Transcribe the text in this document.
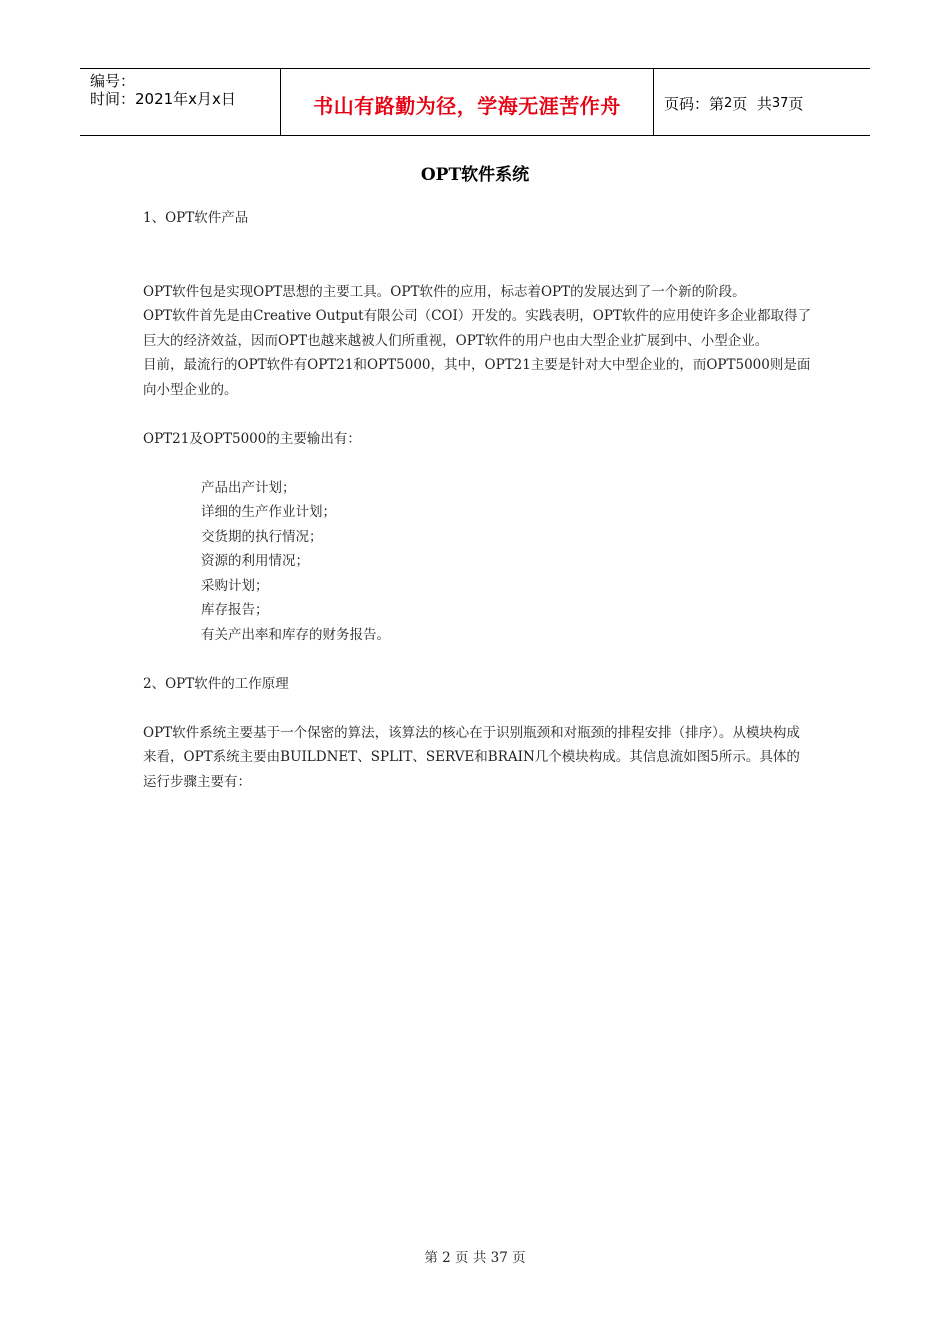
编号：
时间：2021年x月x日	书山有路勤为径，学海无涯苦作舟	页码：第 2 页  共 37 页
OPT软件系统

1、OPT软件产品

OPT软件包是实现OPT思想的主要工具。OPT软件的应用，标志着OPT的发展达到了一个新的阶段。

OPT软件首先是由Creative Output有限公司（COI）开发的。实践表明，OPT软件的应用使许多企业都取得了巨大的经济效益，因而OPT也越来越被人们所重视，OPT软件的用户也由大型企业扩展到中、小型企业。

目前，最流行的OPT软件有OPT21和OPT5000，其中，OPT21主要是针对大中型企业的，而OPT5000则是面向小型企业的。

OPT21及OPT5000的主要输出有：

产品出产计划；

详细的生产作业计划；

交货期的执行情况；

资源的利用情况；

采购计划；

库存报告；

有关产出率和库存的财务报告。

2、OPT软件的工作原理

OPT软件系统主要基于一个保密的算法，该算法的核心在于识别瓶颈和对瓶颈的排程安排（排序）。从模块构成来看，OPT系统主要由BUILDNET、SPLIT、SERVE和BRAIN几个模块构成。其信息流如图5所示。具体的运行步骤主要有：

第 2 页 共 37 页
